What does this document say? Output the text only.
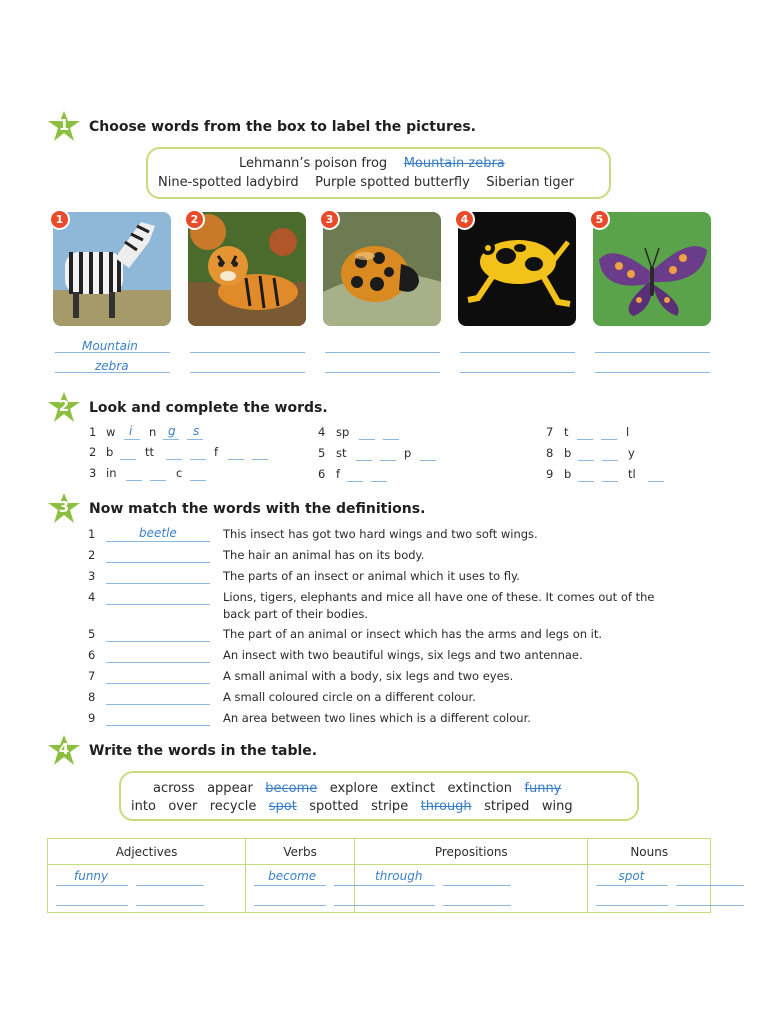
1	Choose words from the box to label the pictures.
Lehmann’s poison frog Mountain zebra
Nine-spotted ladybird Purple spotted butterfly Siberian tiger
1	2	3	4	5
Mountain
zebra
2	Look and complete the words.
1 w i n g s
2 b	tt	f
3 in	c
4 sp
5 st	p
6 f
7 t	l
8 b	y
9 b	tl
3	Now match the words with the definitions.
beetle
1	This insect has got two hard wings and two soft wings.
2	The hair an animal has on its body.
3	The parts of an insect or animal which it uses to fly.
4	Lions, tigers, elephants and mice all have one of these. It comes out of the back part of their bodies.
5	The part of an animal or insect which has the arms and legs on it.
6	An insect with two beautiful wings, six legs and two antennae.
7	A small animal with a body, six legs and two eyes.
8	A small coloured circle on a different colour.
9	An area between two lines which is a different colour.
4	Write the words in the table.
across appear become explore extinct extinction funny
into over recycle spot spotted stripe through striped wing
Adjectives	Verbs	Prepositions	Nouns

funny	become	through	spot
